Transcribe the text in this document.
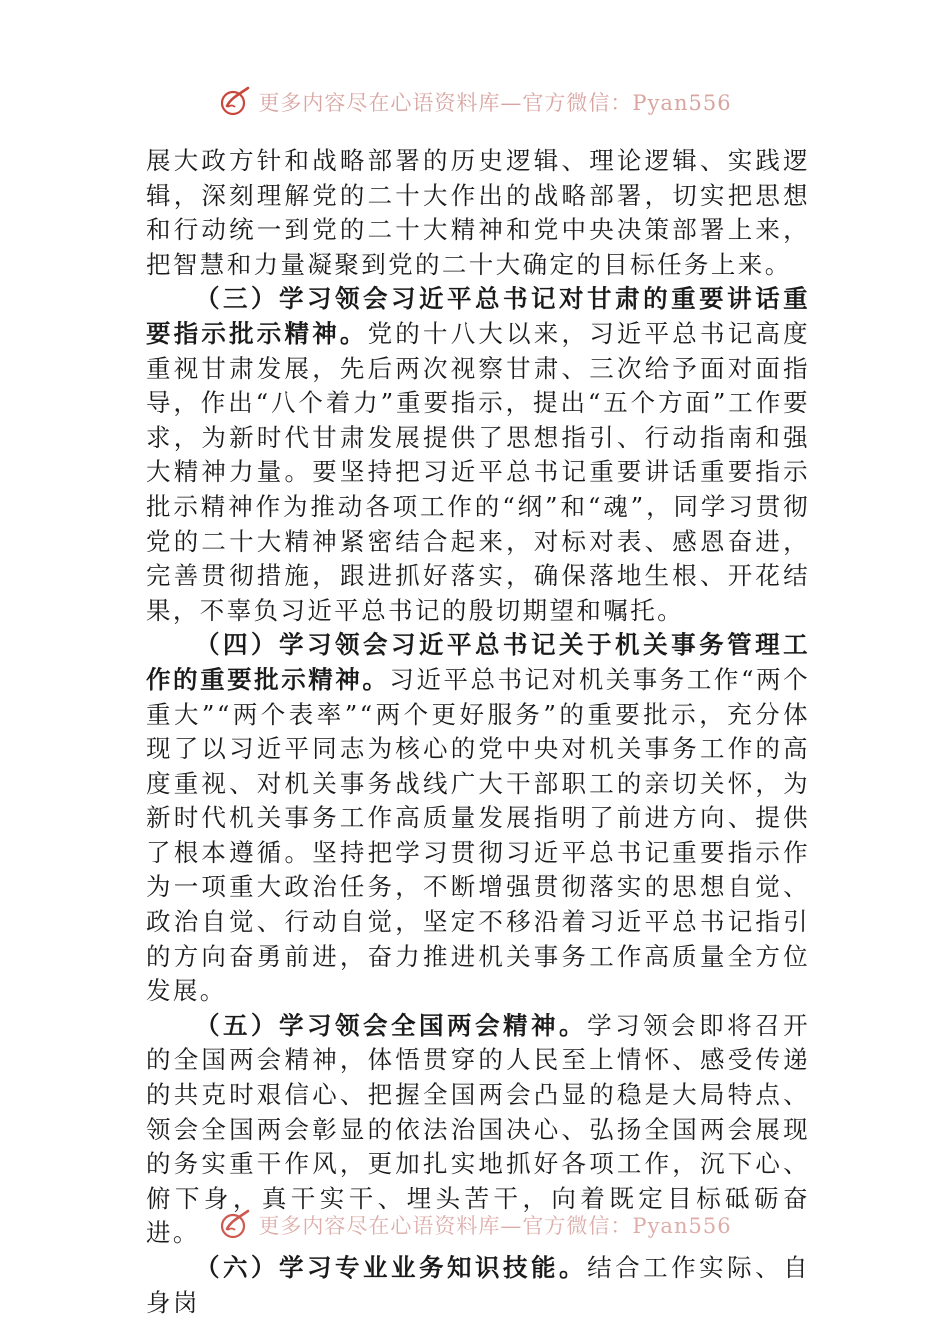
更多内容尽在心语资料库—官方微信：Pyan556

展大政方针和战略部署的历史逻辑、理论逻辑、实践逻辑，深刻理解党的二十大作出的战略部署，切实把思想和行动统一到党的二十大精神和党中央决策部署上来，把智慧和力量凝聚到党的二十大确定的目标任务上来。

（三）学习领会习近平总书记对甘肃的重要讲话重要指示批示精神。党的十八大以来，习近平总书记高度重视甘肃发展，先后两次视察甘肃、三次给予面对面指导，作出“八个着力”重要指示，提出“五个方面”工作要求，为新时代甘肃发展提供了思想指引、行动指南和强大精神力量。要坚持把习近平总书记重要讲话重要指示批示精神作为推动各项工作的“纲”和“魂”，同学习贯彻党的二十大精神紧密结合起来，对标对表、感恩奋进，完善贯彻措施，跟进抓好落实，确保落地生根、开花结果，不辜负习近平总书记的殷切期望和嘱托。

（四）学习领会习近平总书记关于机关事务管理工作的重要批示精神。习近平总书记对机关事务工作“两个重大”“两个表率”“两个更好服务”的重要批示，充分体现了以习近平同志为核心的党中央对机关事务工作的高度重视、对机关事务战线广大干部职工的亲切关怀，为新时代机关事务工作高质量发展指明了前进方向、提供了根本遵循。坚持把学习贯彻习近平总书记重要指示作为一项重大政治任务，不断增强贯彻落实的思想自觉、政治自觉、行动自觉，坚定不移沿着习近平总书记指引的方向奋勇前进，奋力推进机关事务工作高质量全方位发展。

（五）学习领会全国两会精神。学习领会即将召开的全国两会精神，体悟贯穿的人民至上情怀、感受传递的共克时艰信心、把握全国两会凸显的稳是大局特点、领会全国两会彰显的依法治国决心、弘扬全国两会展现的务实重干作风，更加扎实地抓好各项工作，沉下心、俯下身，真干实干、埋头苦干，向着既定目标砥砺奋进。

（六）学习专业业务知识技能。结合工作实际、自身岗

更多内容尽在心语资料库—官方微信：Pyan556
